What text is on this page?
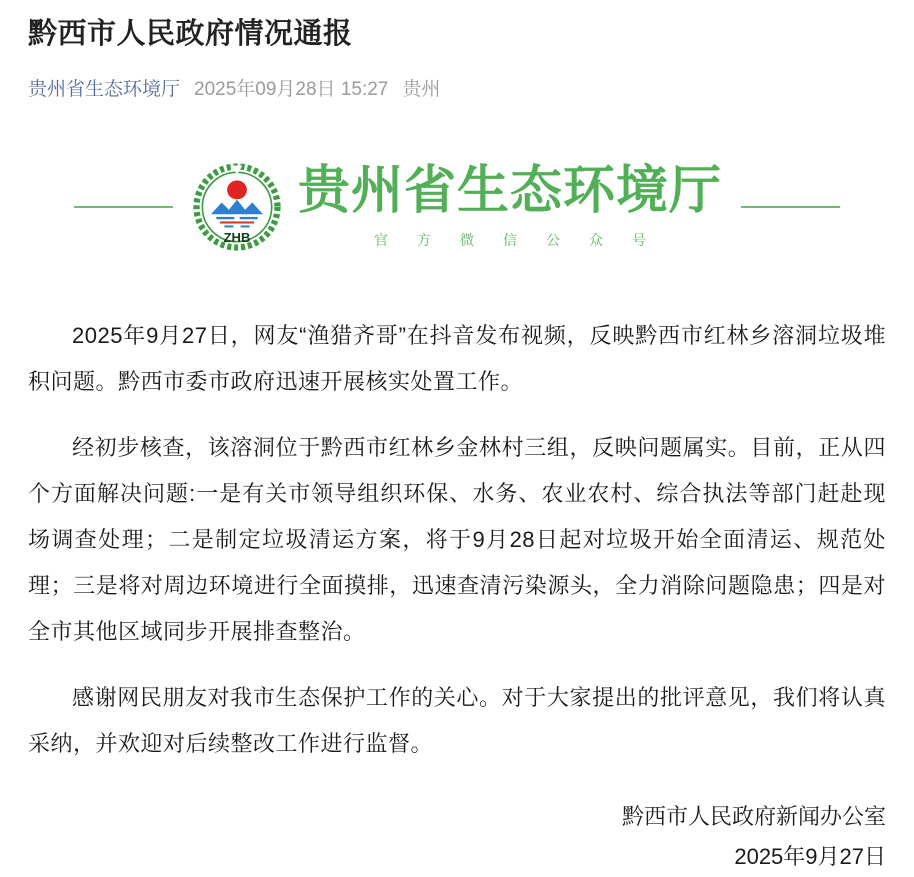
黔西市人民政府情况通报
贵州省生态环境厅 2025年09月28日 15:27 贵州
ZHB
贵州省生态环境厅
官方微信公众号

2025年9月27日，网友“渔猎齐哥”在抖音发布视频，反映黔西市红林乡溶洞垃圾堆积问题。黔西市委市政府迅速开展核实处置工作。

经初步核查，该溶洞位于黔西市红林乡金林村三组，反映问题属实。目前，正从四个方面解决问题:一是有关市领导组织环保、水务、农业农村、综合执法等部门赶赴现场调查处理；二是制定垃圾清运方案，将于9月28日起对垃圾开始全面清运、规范处理；三是将对周边环境进行全面摸排，迅速查清污染源头，全力消除问题隐患；四是对全市其他区域同步开展排查整治。

感谢网民朋友对我市生态保护工作的关心。对于大家提出的批评意见，我们将认真采纳，并欢迎对后续整改工作进行监督。

黔西市人民政府新闻办公室
2025年9月27日
